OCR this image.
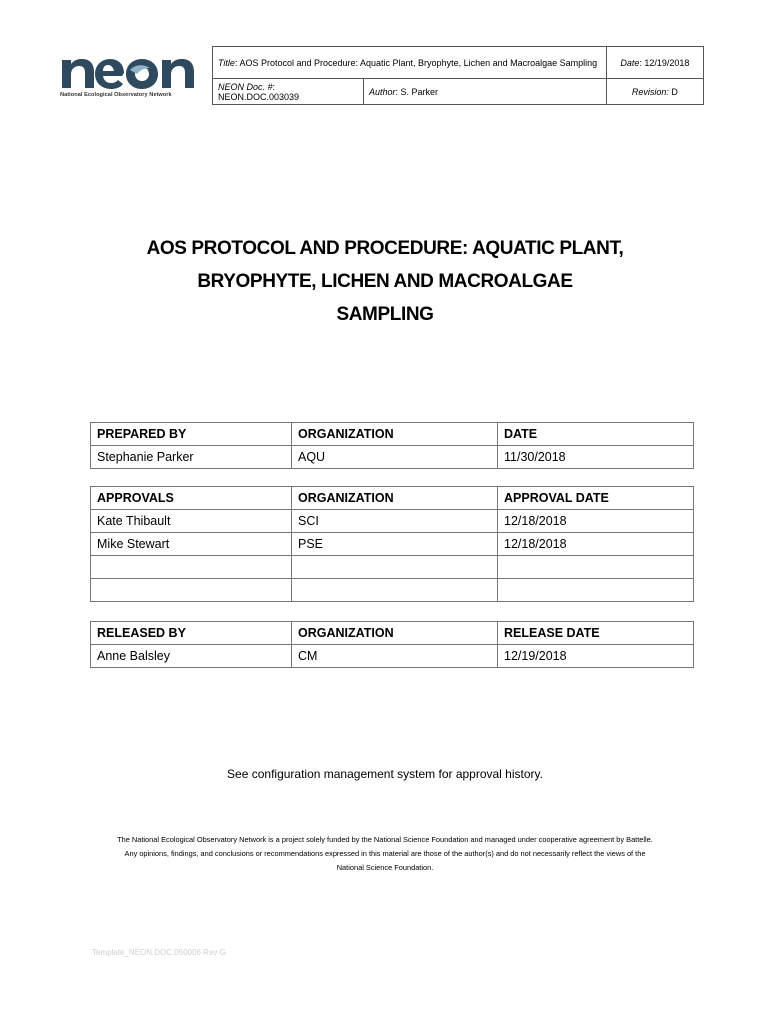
National Ecological Observatory Network
Title: AOS Protocol and Procedure: Aquatic Plant, Bryophyte, Lichen and Macroalgae Sampling		Date: 12/19/2018
NEON Doc. #: NEON.DOC.003039	Author: S. Parker	Revision: D
AOS PROTOCOL AND PROCEDURE: AQUATIC PLANT,
BRYOPHYTE, LICHEN AND MACROALGAE
SAMPLING
PREPARED BY	ORGANIZATION	DATE
Stephanie Parker	AQU	11/30/2018
APPROVALS	ORGANIZATION	APPROVAL DATE
Kate Thibault	SCI	12/18/2018
Mike Stewart	PSE	12/18/2018

RELEASED BY	ORGANIZATION	RELEASE DATE
Anne Balsley	CM	12/19/2018
See configuration management system for approval history.
The National Ecological Observatory Network is a project solely funded by the National Science Foundation and managed under cooperative agreement by Battelle.
Any opinions, findings, and conclusions or recommendations expressed in this material are those of the author(s) and do not necessarily reflect the views of the
National Science Foundation.
Template_NEON.DOC.050006 Rev G
